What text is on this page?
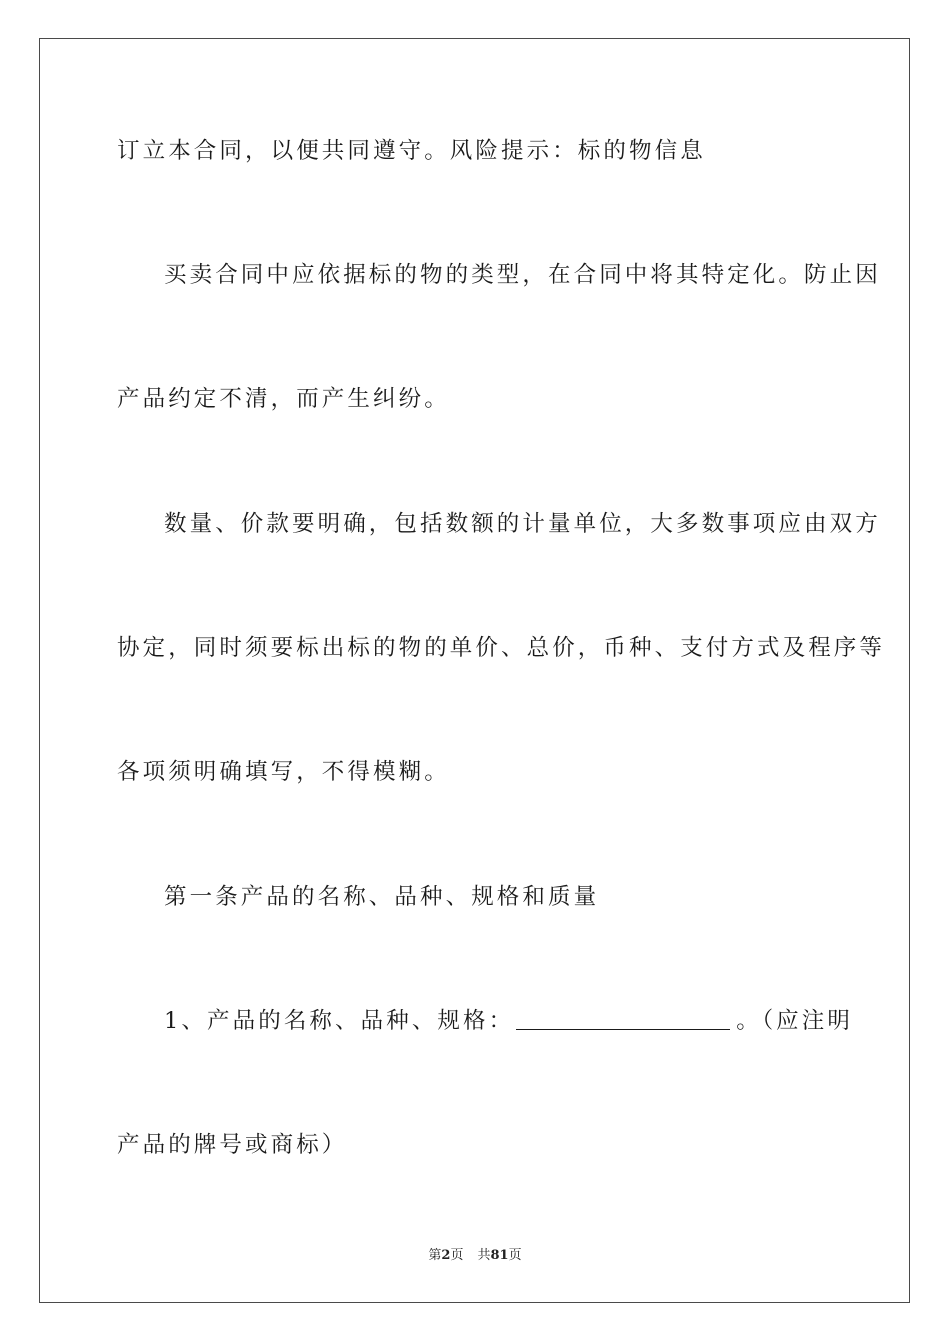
订立本合同，以便共同遵守。风险提示：标的物信息
买卖合同中应依据标的物的类型，在合同中将其特定化。防止因
产品约定不清，而产生纠纷。
数量、价款要明确，包括数额的计量单位，大多数事项应由双方
协定，同时须要标出标的物的单价、总价，币种、支付方式及程序等
各项须明确填写，不得模糊。
第一条产品的名称、品种、规格和质量
1、产品的名称、品种、规格：	。（应注明
产品的牌号或商标）
第2页 共81页
